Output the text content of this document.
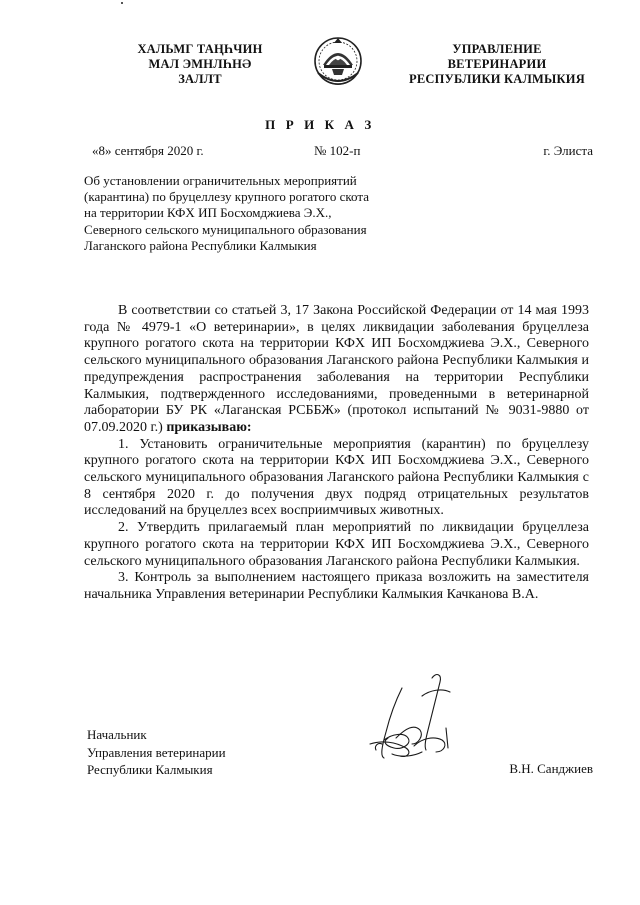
ХАЛЬМГ ТАҢҺЧИН
МАЛ ЭМНЛҺНӘ
ЗАЛЛТ
УПРАВЛЕНИЕ
ВЕТЕРИНАРИИ
РЕСПУБЛИКИ КАЛМЫКИЯ
П Р И К А З
«8» сентября 2020 г.	№ 102-п	г. Элиста
Об установлении ограничительных мероприятий
(карантина) по бруцеллезу крупного рогатого скота
на территории КФХ ИП Босхомджиева Э.Х.,
Северного сельского муниципального образования
Лаганского района Республики Калмыкия

В соответствии со статьей 3, 17 Закона Российской Федерации от 14 мая 1993 года № 4979-1 «О ветеринарии», в целях ликвидации заболевания бруцеллеза крупного рогатого скота на территории КФХ ИП Босхомджиева Э.Х., Северного сельского муниципального образования Лаганского района Республики Калмыкия и предупреждения распространения заболевания на территории Республики Калмыкия, подтвержденного исследованиями, проведенными в ветеринарной лаборатории БУ РК «Лаганская РСББЖ» (протокол испытаний № 9031-9880 от 07.09.2020 г.) приказываю:

1. Установить ограничительные мероприятия (карантин) по бруцеллезу крупного рогатого скота на территории КФХ ИП Босхомджиева Э.Х., Северного сельского муниципального образования Лаганского района Республики Калмыкия с 8 сентября 2020 г. до получения двух подряд отрицательных результатов исследований на бруцеллез всех восприимчивых животных.

2. Утвердить прилагаемый план мероприятий по ликвидации бруцеллеза крупного рогатого скота на территории КФХ ИП Босхомджиева Э.Х., Северного сельского муниципального образования Лаганского района Республики Калмыкия.

3. Контроль за выполнением настоящего приказа возложить на заместителя начальника Управления ветеринарии Республики Калмыкия Качканова В.А.

Начальник
Управления ветеринарии
Республики Калмыкия	В.Н. Санджиев
